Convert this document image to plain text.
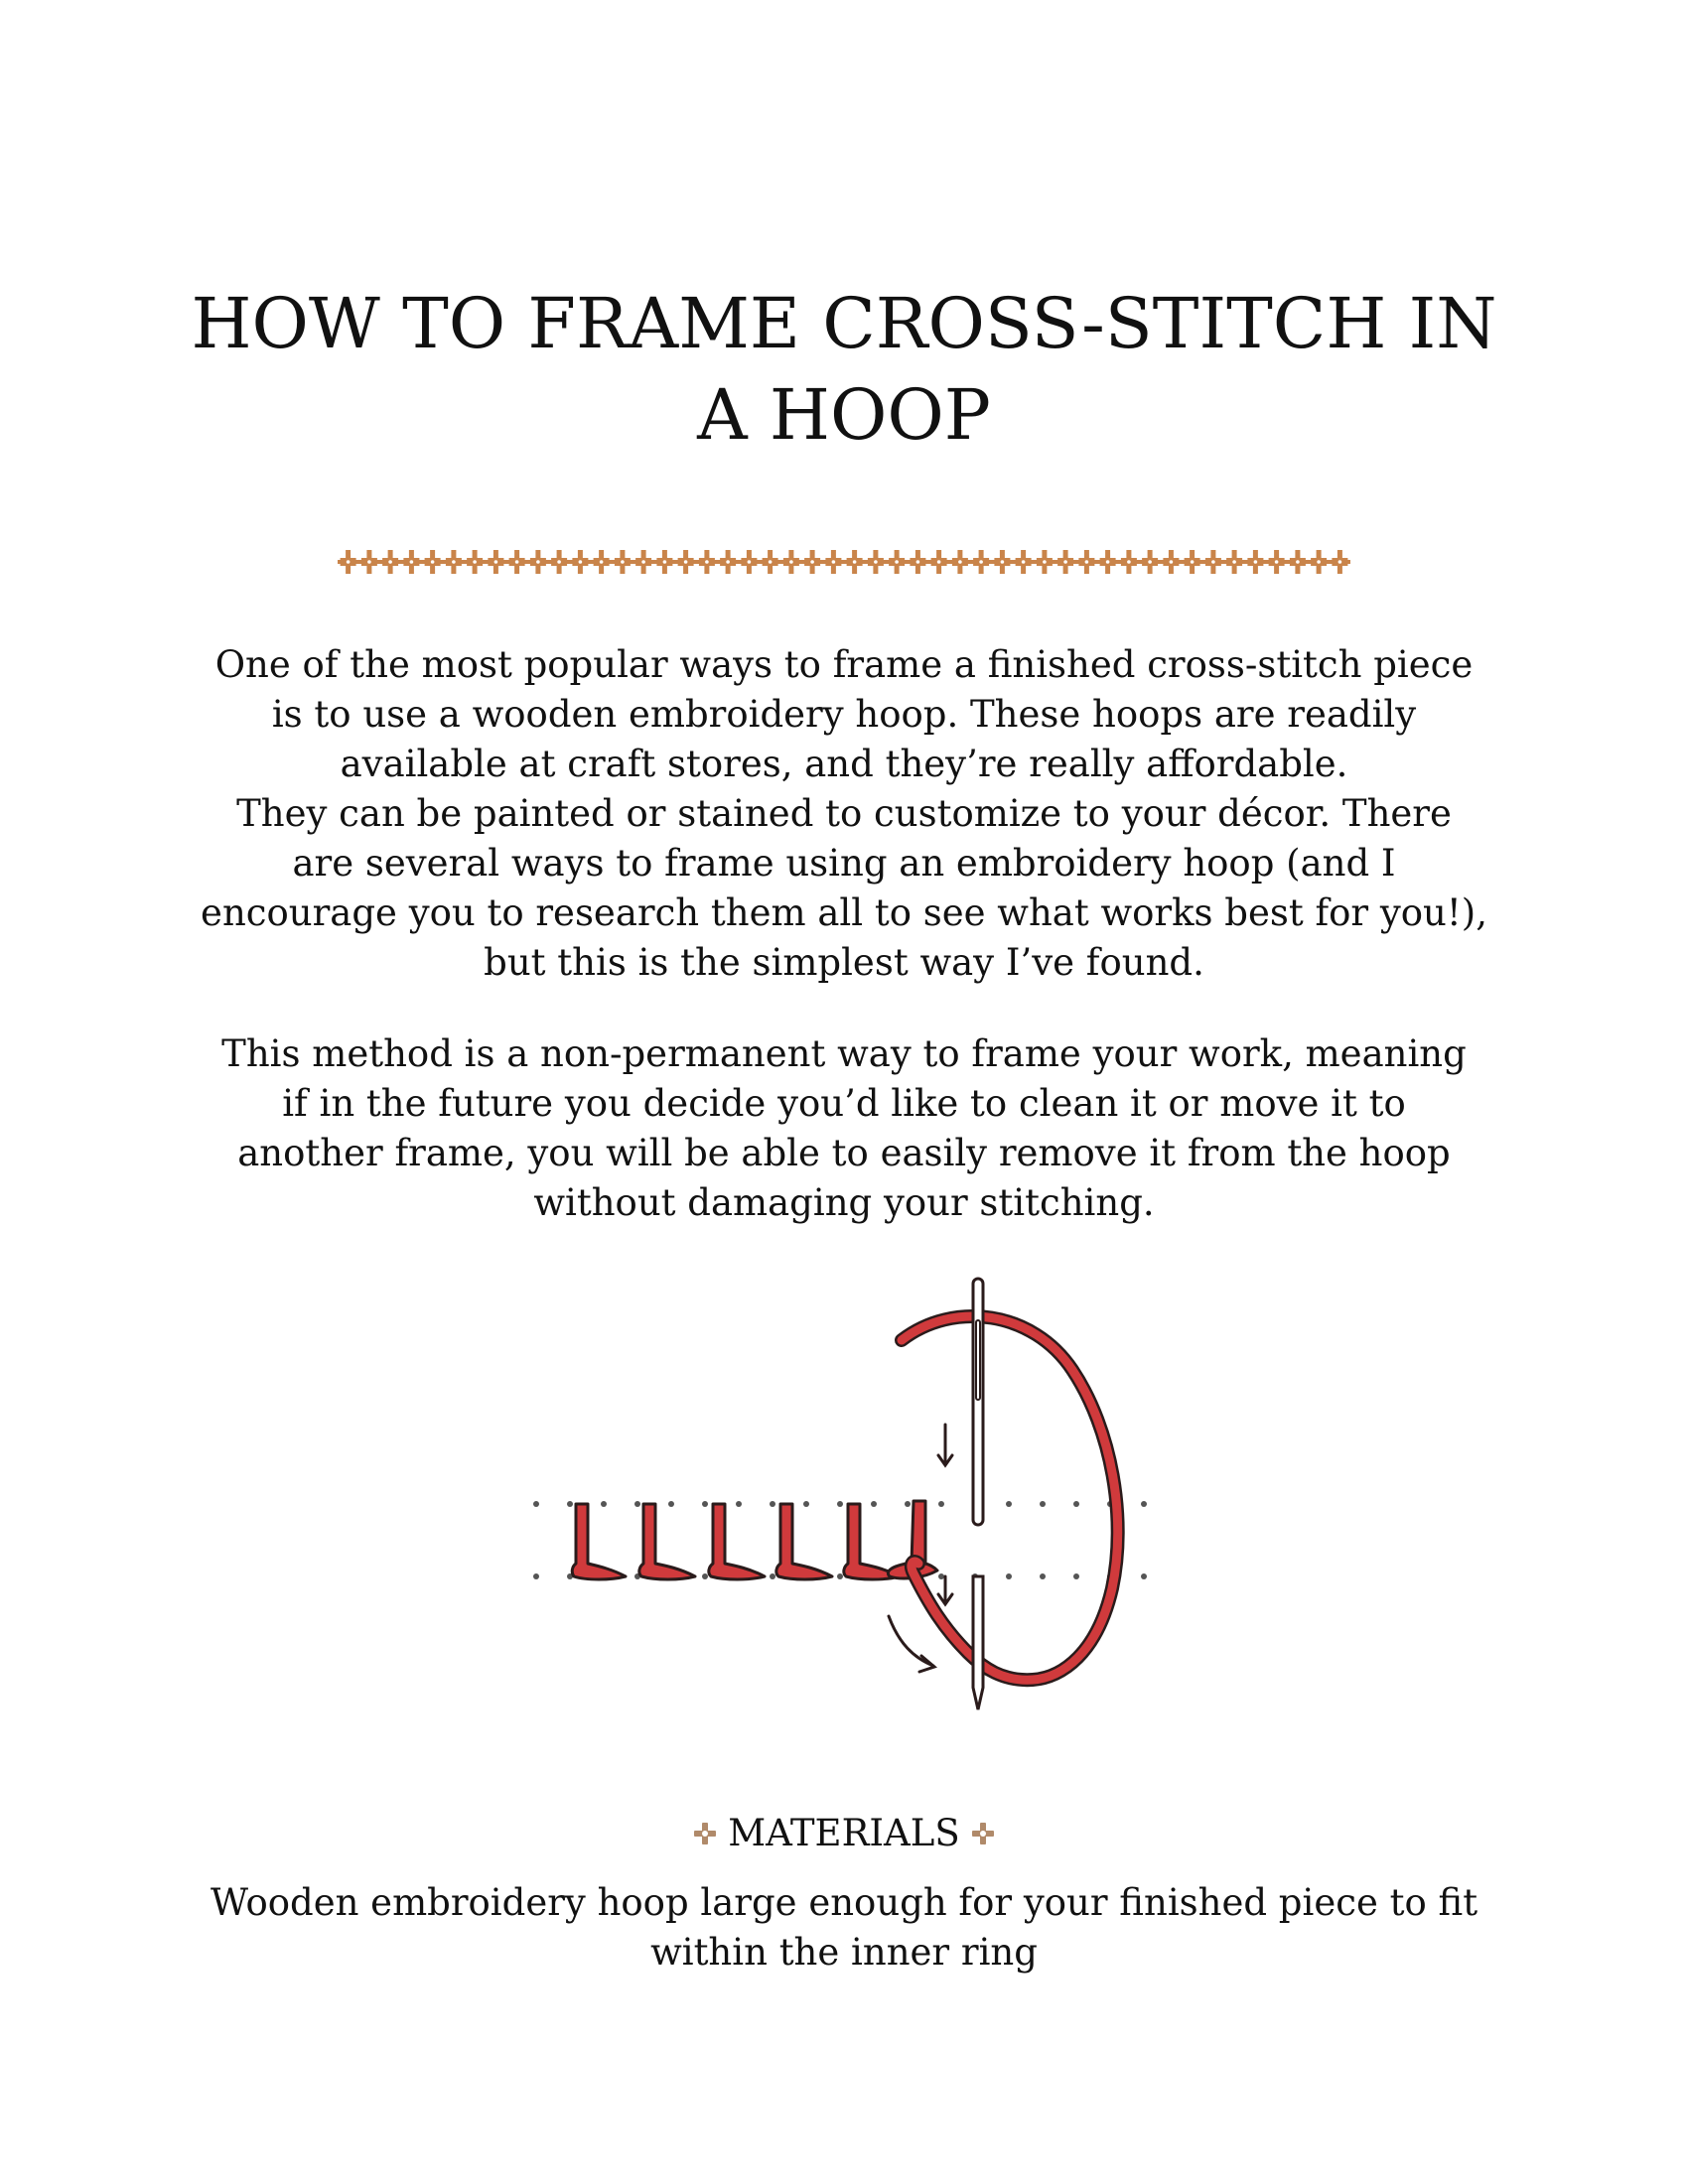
HOW TO FRAME CROSS-STITCH IN
A HOOP

One of the most popular ways to frame a finished cross-stitch piece
is to use a wooden embroidery hoop. These hoops are readily
available at craft stores, and they’re really affordable.
They can be painted or stained to customize to your décor. There
are several ways to frame using an embroidery hoop (and I
encourage you to research them all to see what works best for you!),
but this is the simplest way I’ve found.

This method is a non-permanent way to frame your work, meaning
if in the future you decide you’d like to clean it or move it to
another frame, you will be able to easily remove it from the hoop
without damaging your stitching.

MATERIALS

Wooden embroidery hoop large enough for your finished piece to fit
within the inner ring
